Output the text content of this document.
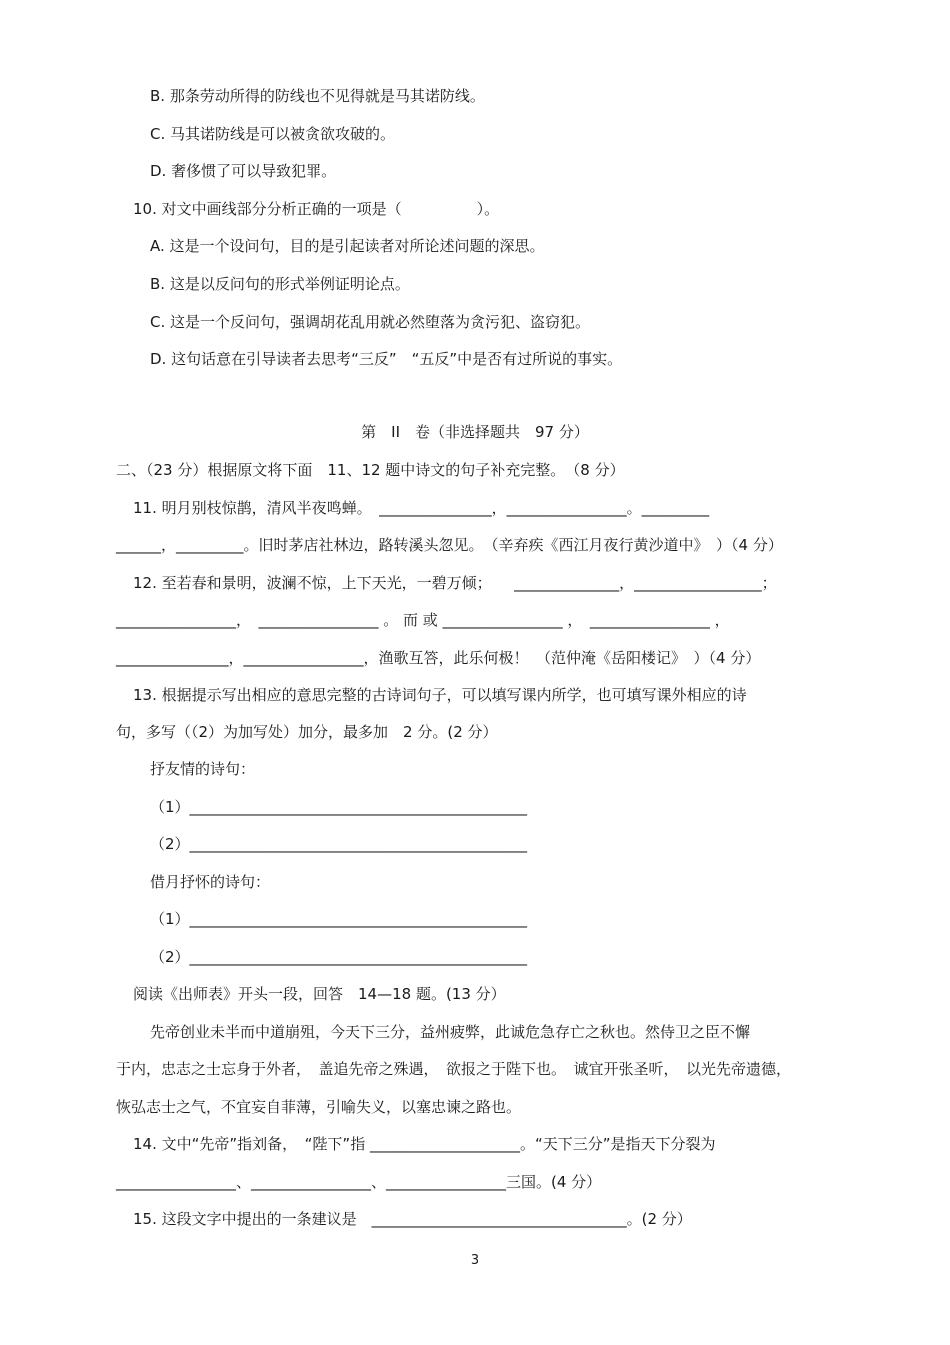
B. 那条劳动所得的防线也不见得就是马其诺防线。
C. 马其诺防线是可以被贪欲攻破的。
D. 奢侈惯了可以导致犯罪。
10. 对文中画线部分分析正确的一项是（　　　　　）。
A. 这是一个设问句，目的是引起读者对所论述问题的深思。
B. 这是以反问句的形式举例证明论点。
C. 这是一个反问句，强调胡花乱用就必然堕落为贪污犯、盗窃犯。
D. 这句话意在引导读者去思考“三反”　“五反”中是否有过所说的事实。
第　II　卷（非选择题共　97 分）
二、（23 分）根据原文将下面　11、12 题中诗文的句子补充完整。　（8 分）
11. 明月别枝惊鹊，清风半夜鸣蝉。　_______________，________________。_________
______，_________。旧时茅店社林边，路转溪头忽见。　（辛弃疾《西江月夜行黄沙道中》　）（4 分）
12. 至若春和景明，波澜不惊，上下天光，一碧万倾；　　______________，_________________；
________________，　________________ 。 而 或 ________________ ，　________________ ，
_______________，________________，渔歌互答，此乐何极！　（范仲淹《岳阳楼记》　）（4 分）
13. 根据提示写出相应的意思完整的古诗词句子，可以填写课内所学，也可填写课外相应的诗
句，多写（（2）为加写处）加分，最多加　2 分。(2 分）
抒友情的诗句：
（1）_____________________________________________
（2）_____________________________________________
借月抒怀的诗句：
（1）_____________________________________________
（2）_____________________________________________
阅读《出师表》开头一段，回答　14—18 题。(13 分）
先帝创业未半而中道崩殂，今天下三分，益州疲弊，此诚危急存亡之秋也。然侍卫之臣不懈
于内，忠志之士忘身于外者，　盖追先帝之殊遇，　欲报之于陛下也。　诚宜开张圣听，　以光先帝遗德，
恢弘志士之气，不宜妄自菲薄，引喻失义，以塞忠谏之路也。
14. 文中“先帝”指刘备，　“陛下”指 ____________________。“天下三分”是指天下分裂为
________________、________________、________________三国。(4 分）
15. 这段文字中提出的一条建议是　__________________________________。(2 分）
3
